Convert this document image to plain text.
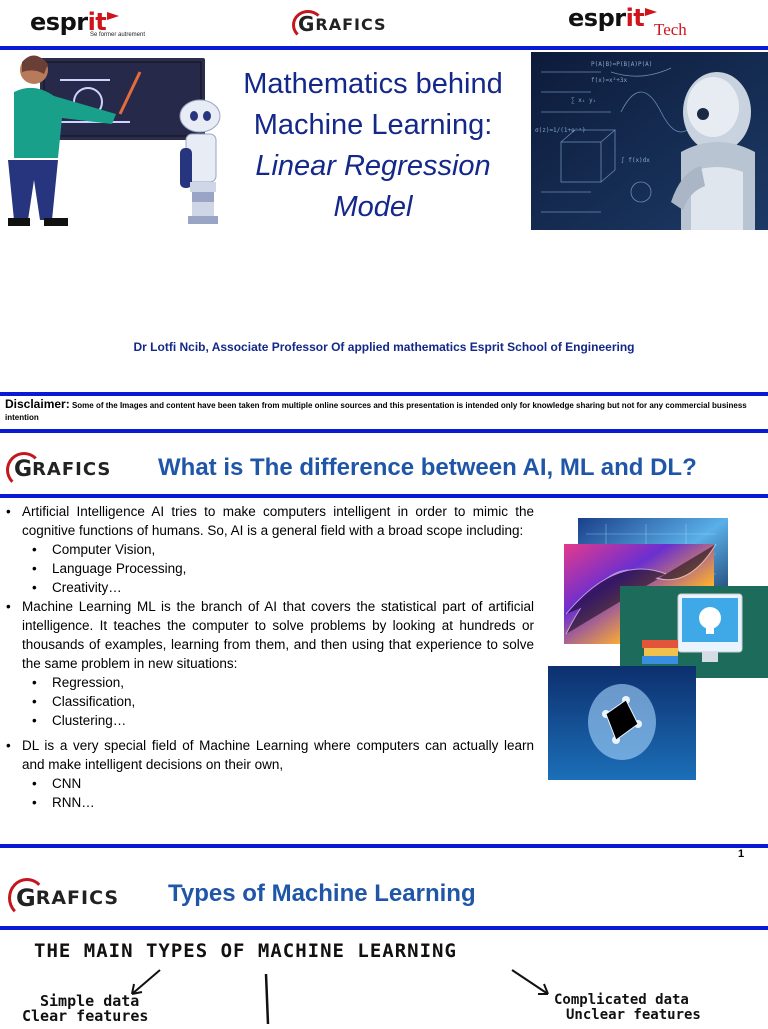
esprit
Se former autrement	G RAFICS	esprit Tech
Mathematics behind
Machine Learning:
Linear Regression
Model
P(A|B)=P(B|A)P(A)
f(x)=x²+3x
∑ xᵢ yᵢ
σ(z)=1/(1+e⁻ᶻ)
∫ f(x)dx
Dr Lotfi Ncib, Associate Professor Of applied mathematics Esprit School of Engineering
Disclaimer: Some of the Images and content have been taken from multiple online sources and this presentation is intended only for knowledge sharing but not for any commercial business intention
G RAFICS What is The difference between AI, ML and DL?
• Artificial Intelligence AI tries to make computers intelligent in order to mimic the cognitive functions of humans. So, AI is a general field with a broad scope including:
• Computer Vision,
• Language Processing,
• Creativity…
• Machine Learning ML is the branch of AI that covers the statistical part of artificial intelligence. It teaches the computer to solve problems by looking at hundreds or thousands of examples, learning from them, and then using that experience to solve the same problem in new situations:
• Regression,
• Classification,
• Clustering…
• DL is a very special field of Machine Learning where computers can actually learn and make intelligent decisions on their own,
• CNN
• RNN…
1
G RAFICS Types of Machine Learning
THE MAIN TYPES OF MACHINE LEARNING
Simple data
Clear features
Complicated data
Unclear features
